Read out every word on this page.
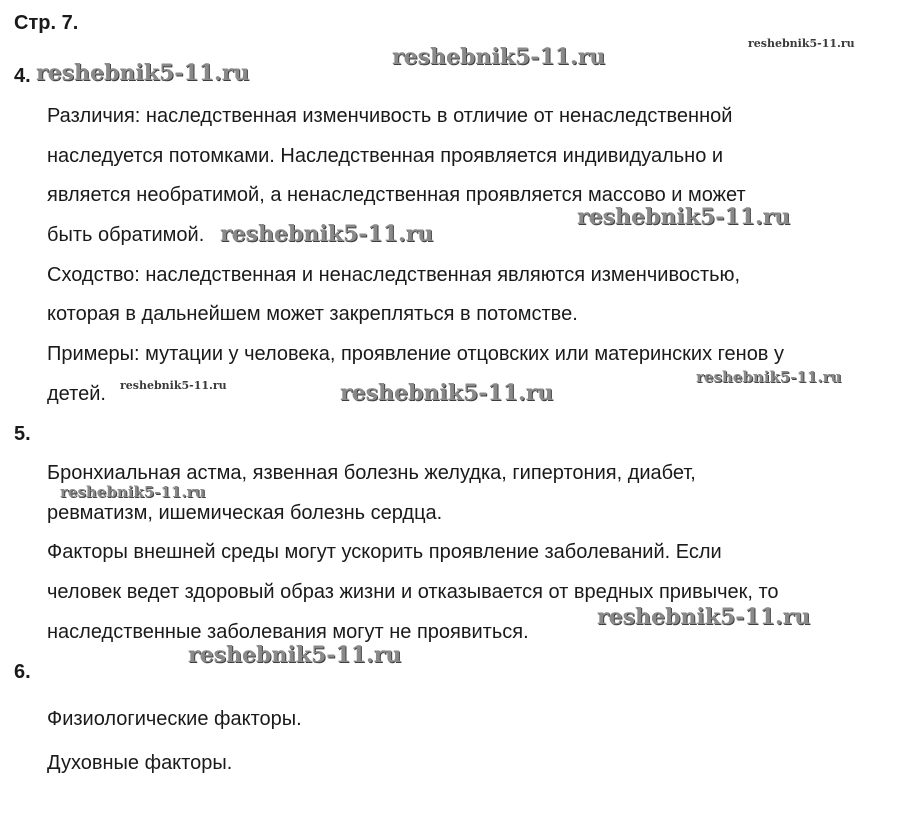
Стр. 7.
4.
Различия: наследственная изменчивость в отличие от ненаследственной
наследуется потомками. Наследственная проявляется индивидуально и
является необратимой, а ненаследственная проявляется массово и может
быть обратимой.
Сходство: наследственная и ненаследственная являются изменчивостью,
которая в дальнейшем может закрепляться в потомстве.
Примеры: мутации у человека, проявление отцовских или материнских генов у
детей.
5.
Бронхиальная астма, язвенная болезнь желудка, гипертония, диабет,
ревматизм, ишемическая болезнь сердца.
Факторы внешней среды могут ускорить проявление заболеваний. Если
человек ведет здоровый образ жизни и отказывается от вредных привычек, то
наследственные заболевания могут не проявиться.
6.
Физиологические факторы.
Духовные факторы.
reshebnik5-11.ru
reshebnik5-11.ru
reshebnik5-11.ru
reshebnik5-11.ru
reshebnik5-11.ru
reshebnik5-11.ru	reshebnik5-11.ru
reshebnik5-11.ru
reshebnik5-11.ru
reshebnik5-11.ru
reshebnik5-11.ru
